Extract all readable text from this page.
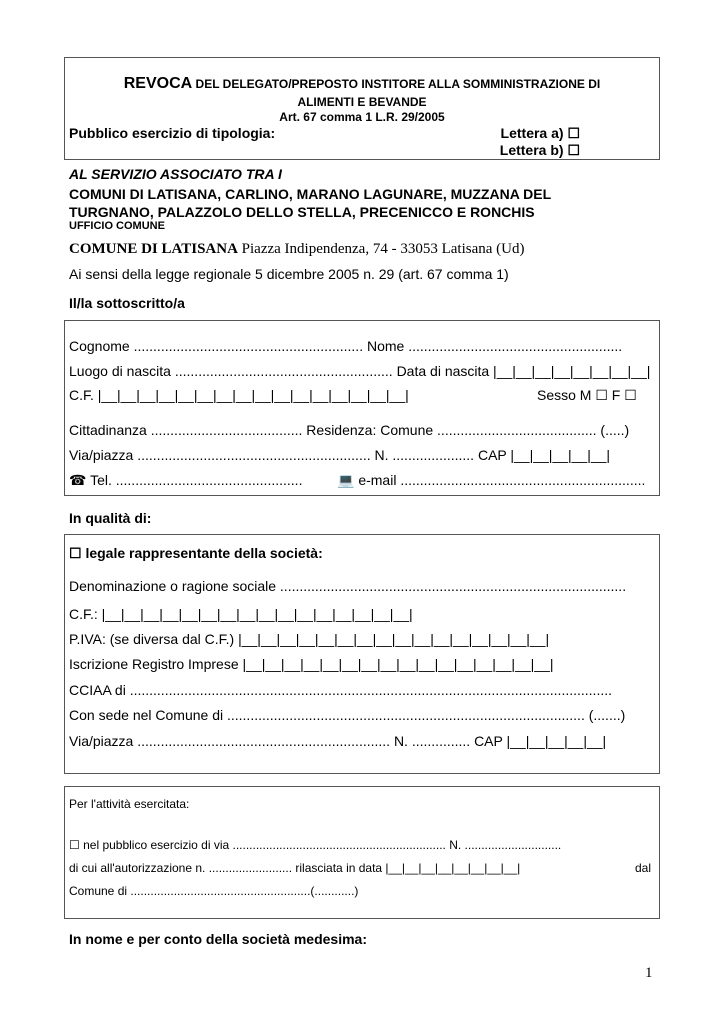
REVOCA DEL DELEGATO/PREPOSTO INSTITORE ALLA SOMMINISTRAZIONE DI
ALIMENTI E BEVANDE
Art. 67 comma 1 L.R. 29/2005
Pubblico esercizio di tipologia:	Lettera a) ☐
Lettera b) ☐
AL SERVIZIO ASSOCIATO TRA I
COMUNI DI LATISANA, CARLINO, MARANO LAGUNARE, MUZZANA DEL
TURGNANO, PALAZZOLO DELLO STELLA, PRECENICCO E RONCHIS
UFFICIO COMUNE
COMUNE DI LATISANA Piazza Indipendenza, 74 - 33053 Latisana (Ud)
Ai sensi della legge regionale 5 dicembre 2005 n. 29 (art. 67 comma 1)
Il/la sottoscritto/a
Cognome ........................................................... Nome .......................................................
Luogo di nascita ........................................................ Data di nascita |__|__|__|__|__|__|__|__|
C.F. |__|__|__|__|__|__|__|__|__|__|__|__|__|__|__|__|	Sesso M ☐ F ☐
Cittadinanza ....................................... Residenza: Comune ......................................... (.....)
Via/piazza ............................................................ N. ..................... CAP |__|__|__|__|__|
☎ Tel. ................................................ 💻 e-mail ...............................................................
In qualità di:
☐ legale rappresentante della società:
Denominazione o ragione sociale .........................................................................................
C.F.: |__|__|__|__|__|__|__|__|__|__|__|__|__|__|__|__|
P.IVA: (se diversa dal C.F.) |__|__|__|__|__|__|__|__|__|__|__|__|__|__|__|__|
Iscrizione Registro Imprese |__|__|__|__|__|__|__|__|__|__|__|__|__|__|__|__|
CCIAA di ............................................................................................................................
Con sede nel Comune di ............................................................................................ (.......)
Via/piazza ................................................................. N. ............... CAP |__|__|__|__|__|
Per l'attività esercitata:
☐ nel pubblico esercizio di via ................................................................ N. .............................
di cui all'autorizzazione n. ......................... rilasciata in data |__|__|__|__|__|__|__|__|	dal
Comune di ......................................................(............)
In nome e per conto della società medesima:
1
